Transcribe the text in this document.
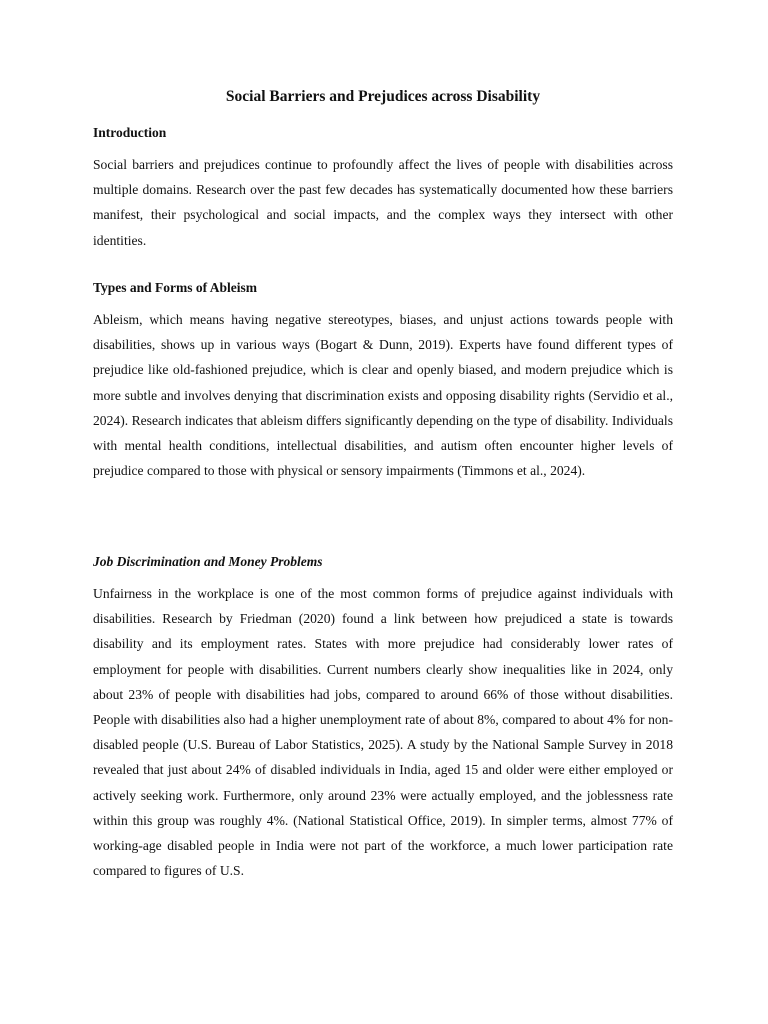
Social Barriers and Prejudices across Disability
Introduction

Social barriers and prejudices continue to profoundly affect the lives of people with disabilities across multiple domains. Research over the past few decades has systematically documented how these barriers manifest, their psychological and social impacts, and the complex ways they intersect with other identities.

Types and Forms of Ableism

Ableism, which means having negative stereotypes, biases, and unjust actions towards people with disabilities, shows up in various ways (Bogart & Dunn, 2019). Experts have found different types of prejudice like old-fashioned prejudice, which is clear and openly biased, and modern prejudice which is more subtle and involves denying that discrimination exists and opposing disability rights (Servidio et al., 2024). Research indicates that ableism differs significantly depending on the type of disability. Individuals with mental health conditions, intellectual disabilities, and autism often encounter higher levels of prejudice compared to those with physical or sensory impairments (Timmons et al., 2024).

Job Discrimination and Money Problems

Unfairness in the workplace is one of the most common forms of prejudice against individuals with disabilities. Research by Friedman (2020) found a link between how prejudiced a state is towards disability and its employment rates. States with more prejudice had considerably lower rates of employment for people with disabilities. Current numbers clearly show inequalities like in 2024, only about 23% of people with disabilities had jobs, compared to around 66% of those without disabilities. People with disabilities also had a higher unemployment rate of about 8%, compared to about 4% for non-disabled people (U.S. Bureau of Labor Statistics, 2025). A study by the National Sample Survey in 2018 revealed that just about 24% of disabled individuals in India, aged 15 and older were either employed or actively seeking work. Furthermore, only around 23% were actually employed, and the joblessness rate within this group was roughly 4%. (National Statistical Office, 2019). In simpler terms, almost 77% of working-age disabled people in India were not part of the workforce, a much lower participation rate compared to figures of U.S.
